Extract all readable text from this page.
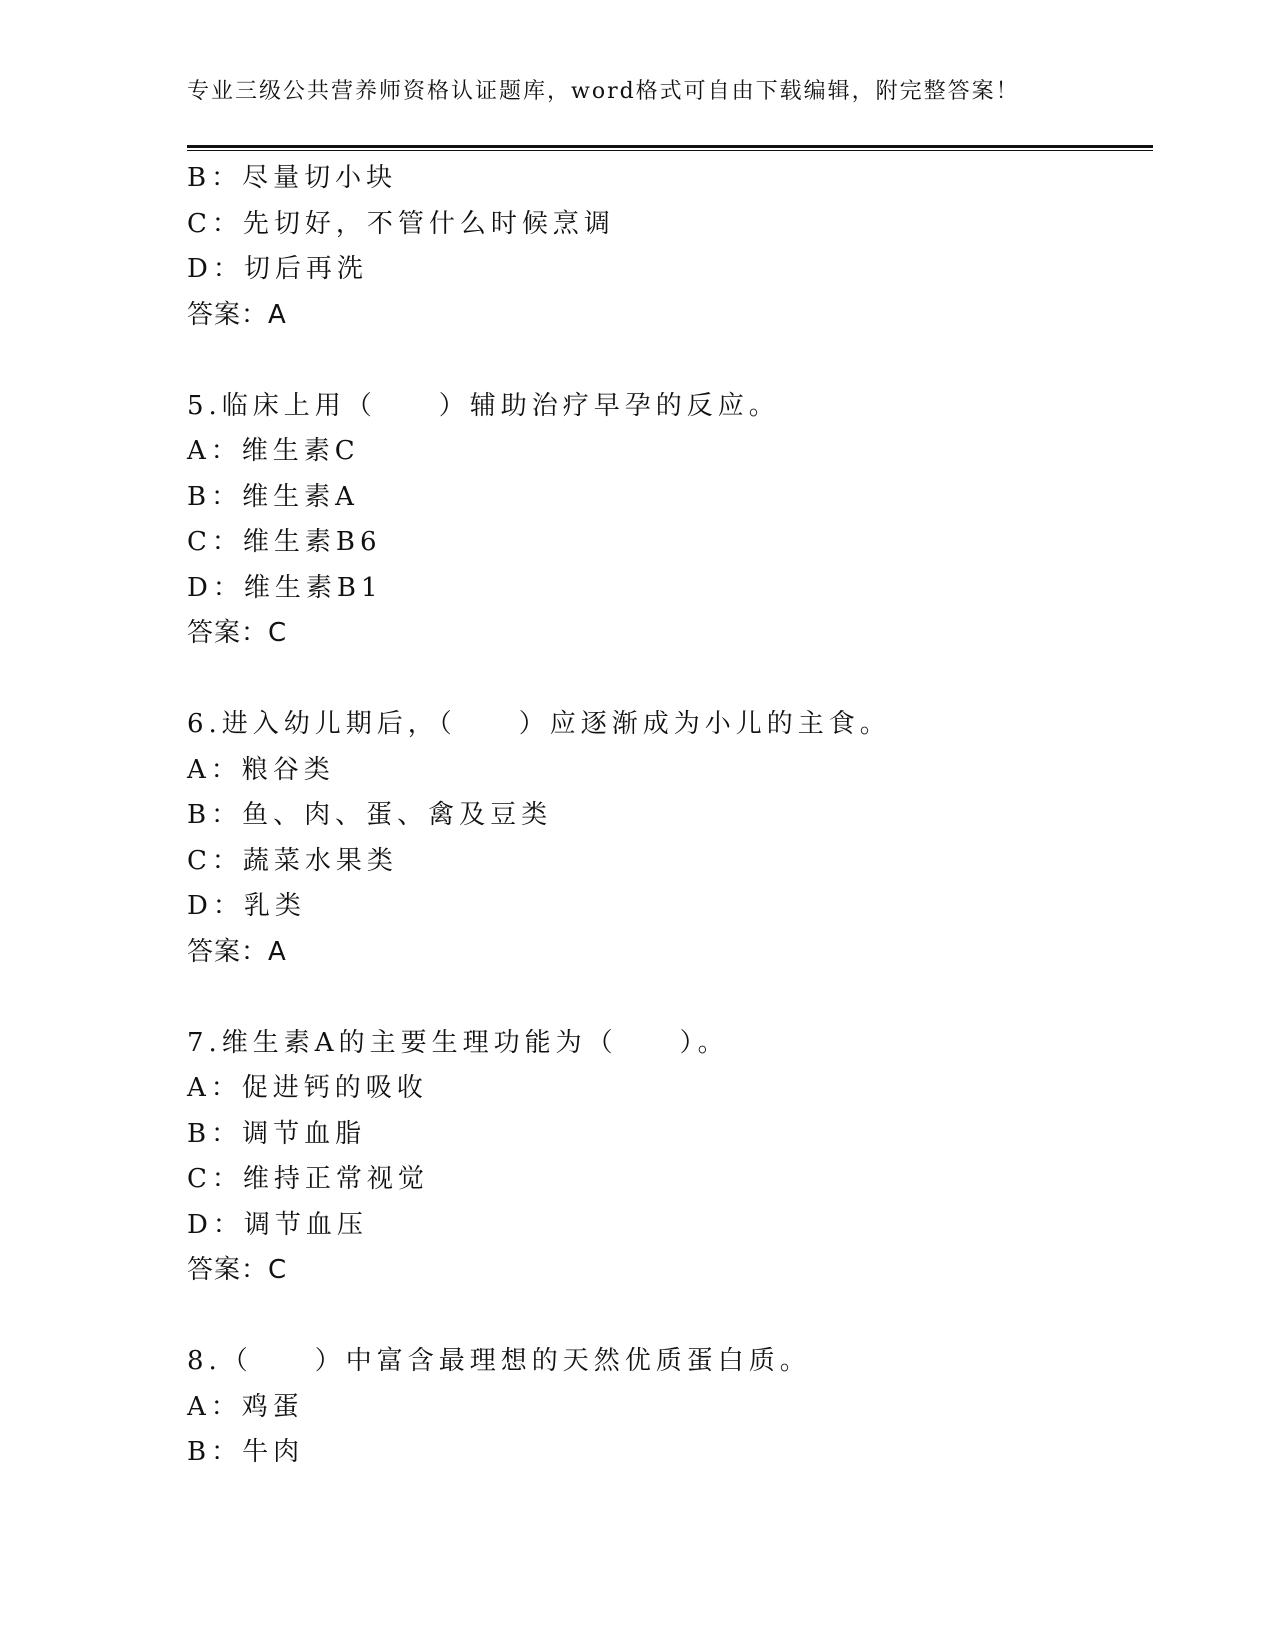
专业三级公共营养师资格认证题库，word格式可自由下载编辑，附完整答案！
B：尽量切小块
C：先切好，不管什么时候烹调
D：切后再洗
答案：A
5.临床上用（　　）辅助治疗早孕的反应。
A：维生素C
B：维生素A
C：维生素B6
D：维生素B1
答案：C
6.进入幼儿期后，（　　）应逐渐成为小儿的主食。
A：粮谷类
B：鱼、肉、蛋、禽及豆类
C：蔬菜水果类
D：乳类
答案：A
7.维生素A的主要生理功能为（　　）。
A：促进钙的吸收
B：调节血脂
C：维持正常视觉
D：调节血压
答案：C
8.（　　）中富含最理想的天然优质蛋白质。
A：鸡蛋
B：牛肉
